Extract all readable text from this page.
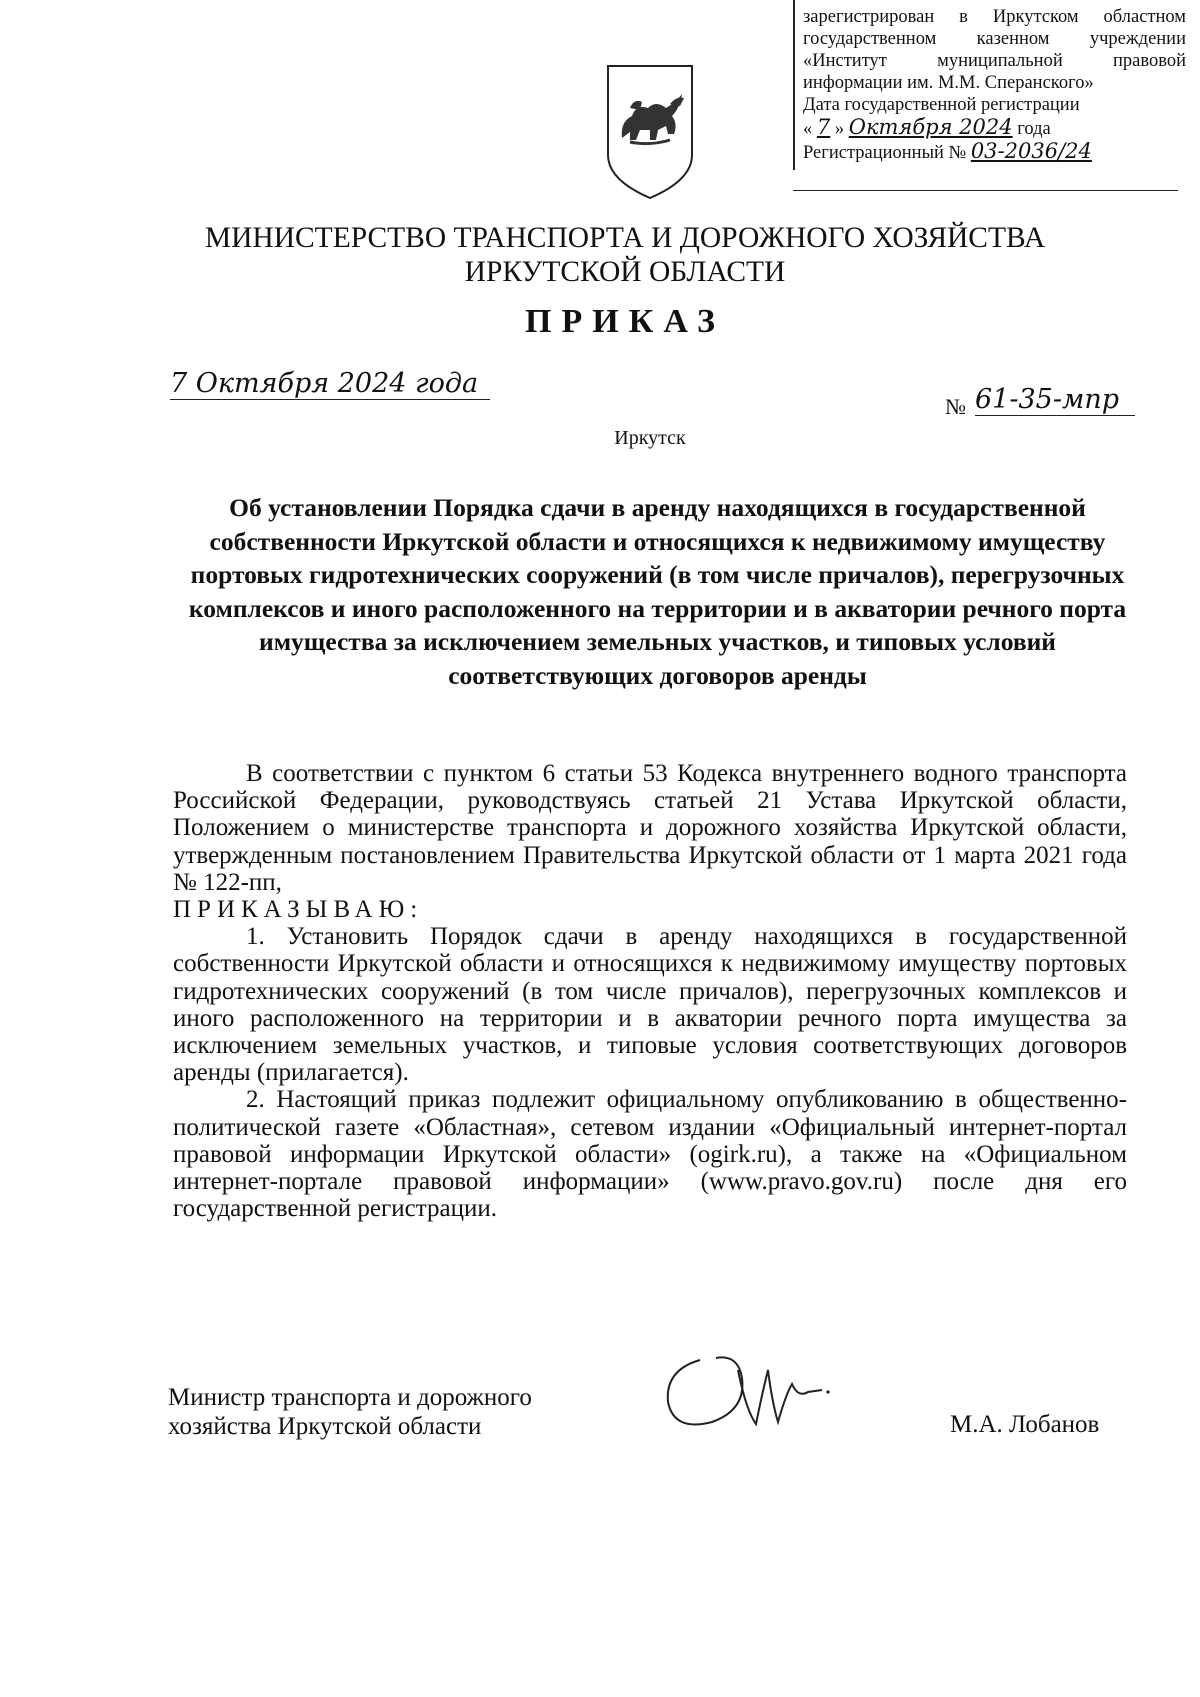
зарегистрирован в Иркутском областном
государственном казенном учреждении
«Институт муниципальной правовой
информации им. М.М. Сперанского»
Дата государственной регистрации
« 7 » Октября 2024 года
Регистрационный № 03-2036/24
МИНИСТЕРСТВО ТРАНСПОРТА И ДОРОЖНОГО ХОЗЯЙСТВА
ИРКУТСКОЙ ОБЛАСТИ
ПРИКАЗ
7 Октября 2024 года
№ 61-35-мпр
Иркутск
Об установлении Порядка сдачи в аренду находящихся в государственной собственности Иркутской области и относящихся к недвижимому имуществу портовых гидротехнических сооружений (в том числе причалов), перегрузочных комплексов и иного расположенного на территории и в акватории речного порта имущества за исключением земельных участков, и типовых условий соответствующих договоров аренды

В соответствии с пунктом 6 статьи 53 Кодекса внутреннего водного транспорта Российской Федерации, руководствуясь статьей 21 Устава Иркутской области, Положением о министерстве транспорта и дорожного хозяйства Иркутской области, утвержденным постановлением Правительства Иркутской области от 1 марта 2021 года № 122-пп,

ПРИКАЗЫВАЮ:

1. Установить Порядок сдачи в аренду находящихся в государственной собственности Иркутской области и относящихся к недвижимому имуществу портовых гидротехнических сооружений (в том числе причалов), перегрузочных комплексов и иного расположенного на территории и в акватории речного порта имущества за исключением земельных участков, и типовые условия соответствующих договоров аренды (прилагается).

2. Настоящий приказ подлежит официальному опубликованию в общественно-политической газете «Областная», сетевом издании «Официальный интернет-портал правовой информации Иркутской области» (ogirk.ru), а также на «Официальном интернет-портале правовой информации» (www.pravo.gov.ru) после дня его государственной регистрации.

Министр транспорта и дорожного
хозяйства Иркутской области	М.А. Лобанов
